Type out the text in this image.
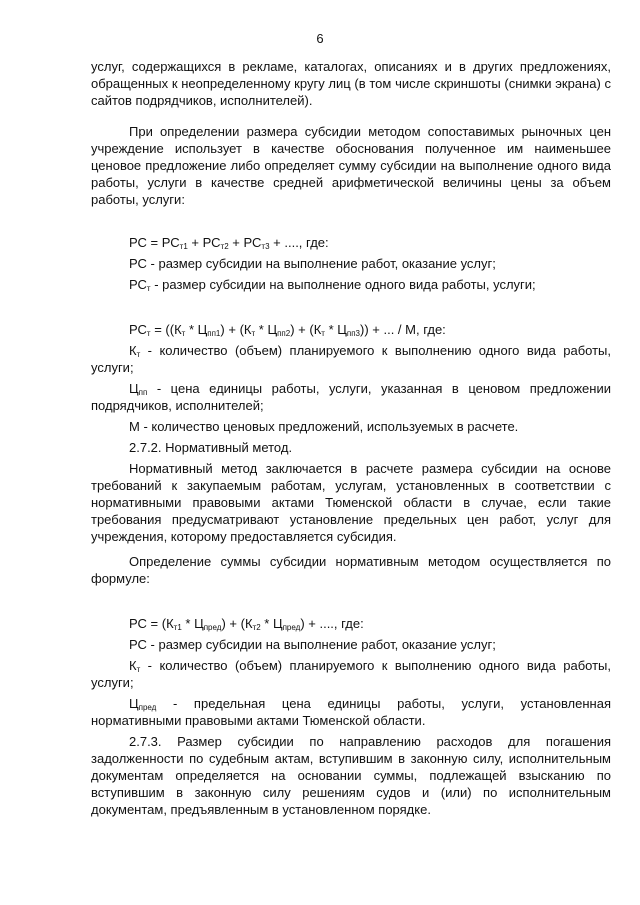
6

услуг, содержащихся в рекламе, каталогах, описаниях и в других предложениях, обращенных к неопределенному кругу лиц (в том числе скриншоты (снимки экрана) с сайтов подрядчиков, исполнителей).

При определении размера субсидии методом сопоставимых рыночных цен учреждение использует в качестве обоснования полученное им наименьшее ценовое предложение либо определяет сумму субсидии на выполнение одного вида работы, услуги в качестве средней арифметической величины цены за объем работы, услуги:

РС = $РС_{т1} + РС_{т2} + РС_{т3}$ + ...., где:

РС - размер субсидии на выполнение работ, оказание услуг;

$РС_т$ - размер субсидии на выполнение одного вида работы, услуги;

$РС_т = ((К_т * Ц_{пп1}) + (К_т * Ц_{пп2}) + (К_т * Ц_{пп3}))$ + ... / М, где:

$К_т$ - количество (объем) планируемого к выполнению одного вида работы, услуги;

$Ц_{пп}$ - цена единицы работы, услуги, указанная в ценовом предложении подрядчиков, исполнителей;

М - количество ценовых предложений, используемых в расчете.

2.7.2. Нормативный метод.

Нормативный метод заключается в расчете размера субсидии на основе требований к закупаемым работам, услугам, установленных в соответствии с нормативными правовыми актами Тюменской области в случае, если такие требования предусматривают установление предельных цен работ, услуг для учреждения, которому предоставляется субсидия.

Определение суммы субсидии нормативным методом осуществляется по формуле:

РС = $(К_{т1} * Ц_{пред}) + (К_{т2} * Ц_{пред})$ + ...., где:

РС - размер субсидии на выполнение работ, оказание услуг;

$К_т$ - количество (объем) планируемого к выполнению одного вида работы, услуги;

$Ц_{пред}$ - предельная цена единицы работы, услуги, установленная нормативными правовыми актами Тюменской области.

2.7.3. Размер субсидии по направлению расходов для погашения задолженности по судебным актам, вступившим в законную силу, исполнительным документам определяется на основании суммы, подлежащей взысканию по вступившим в законную силу решениям судов и (или) по исполнительным документам, предъявленным в установленном порядке.
